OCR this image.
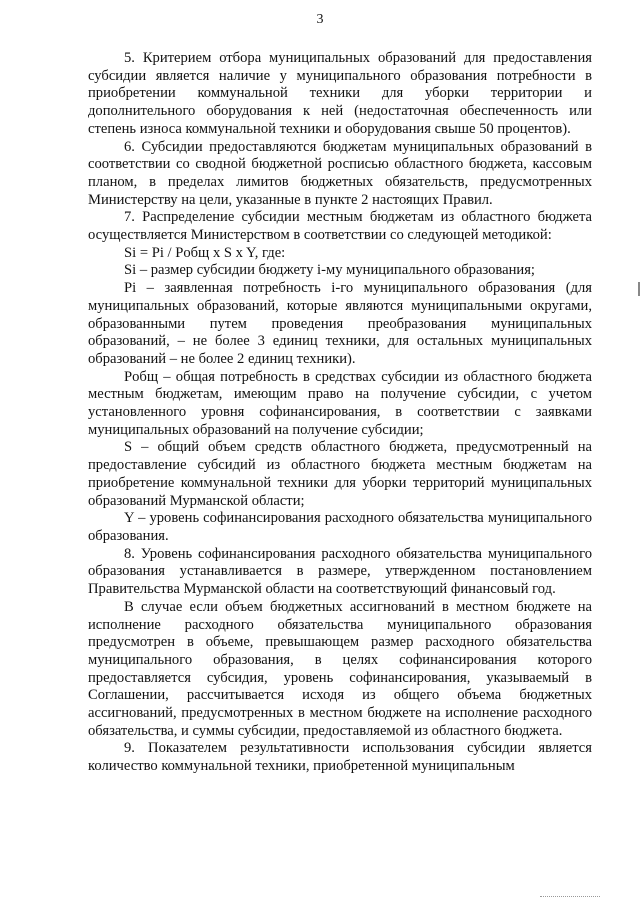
3

5. Критерием отбора муниципальных образований для предоставления субсидии является наличие у муниципального образования потребности в приобретении коммунальной техники для уборки территории и дополнительного оборудования к ней (недостаточная обеспеченность или степень износа коммунальной техники и оборудования свыше 50 процентов).

6. Субсидии предоставляются бюджетам муниципальных образований в соответствии со сводной бюджетной росписью областного бюджета, кассовым планом, в пределах лимитов бюджетных обязательств, предусмотренных Министерству на цели, указанные в пункте 2 настоящих Правил.

7. Распределение субсидии местным бюджетам из областного бюджета осуществляется Министерством в соответствии со следующей методикой:

Si = Pi / Pобщ x S x Y, где:

Si – размер субсидии бюджету i-му муниципального образования;

Pi – заявленная потребность i-го муниципального образования (для муниципальных образований, которые являются муниципальными округами, образованными путем проведения преобразования муниципальных образований, – не более 3 единиц техники, для остальных муниципальных образований – не более 2 единиц техники).

Pобщ – общая потребность в средствах субсидии из областного бюджета местным бюджетам, имеющим право на получение субсидии, с учетом установленного уровня софинансирования, в соответствии с заявками муниципальных образований на получение субсидии;

S – общий объем средств областного бюджета, предусмотренный на предоставление субсидий из областного бюджета местным бюджетам на приобретение коммунальной техники для уборки территорий муниципальных образований Мурманской области;

Y – уровень софинансирования расходного обязательства муниципального образования.

8. Уровень софинансирования расходного обязательства муниципального образования устанавливается в размере, утвержденном постановлением Правительства Мурманской области на соответствующий финансовый год.

В случае если объем бюджетных ассигнований в местном бюджете на исполнение расходного обязательства муниципального образования предусмотрен в объеме, превышающем размер расходного обязательства муниципального образования, в целях софинансирования которого предоставляется субсидия, уровень софинансирования, указываемый в Соглашении, рассчитывается исходя из общего объема бюджетных ассигнований, предусмотренных в местном бюджете на исполнение расходного обязательства, и суммы субсидии, предоставляемой из областного бюджета.

9. Показателем результативности использования субсидии является количество коммунальной техники, приобретенной муниципальным
